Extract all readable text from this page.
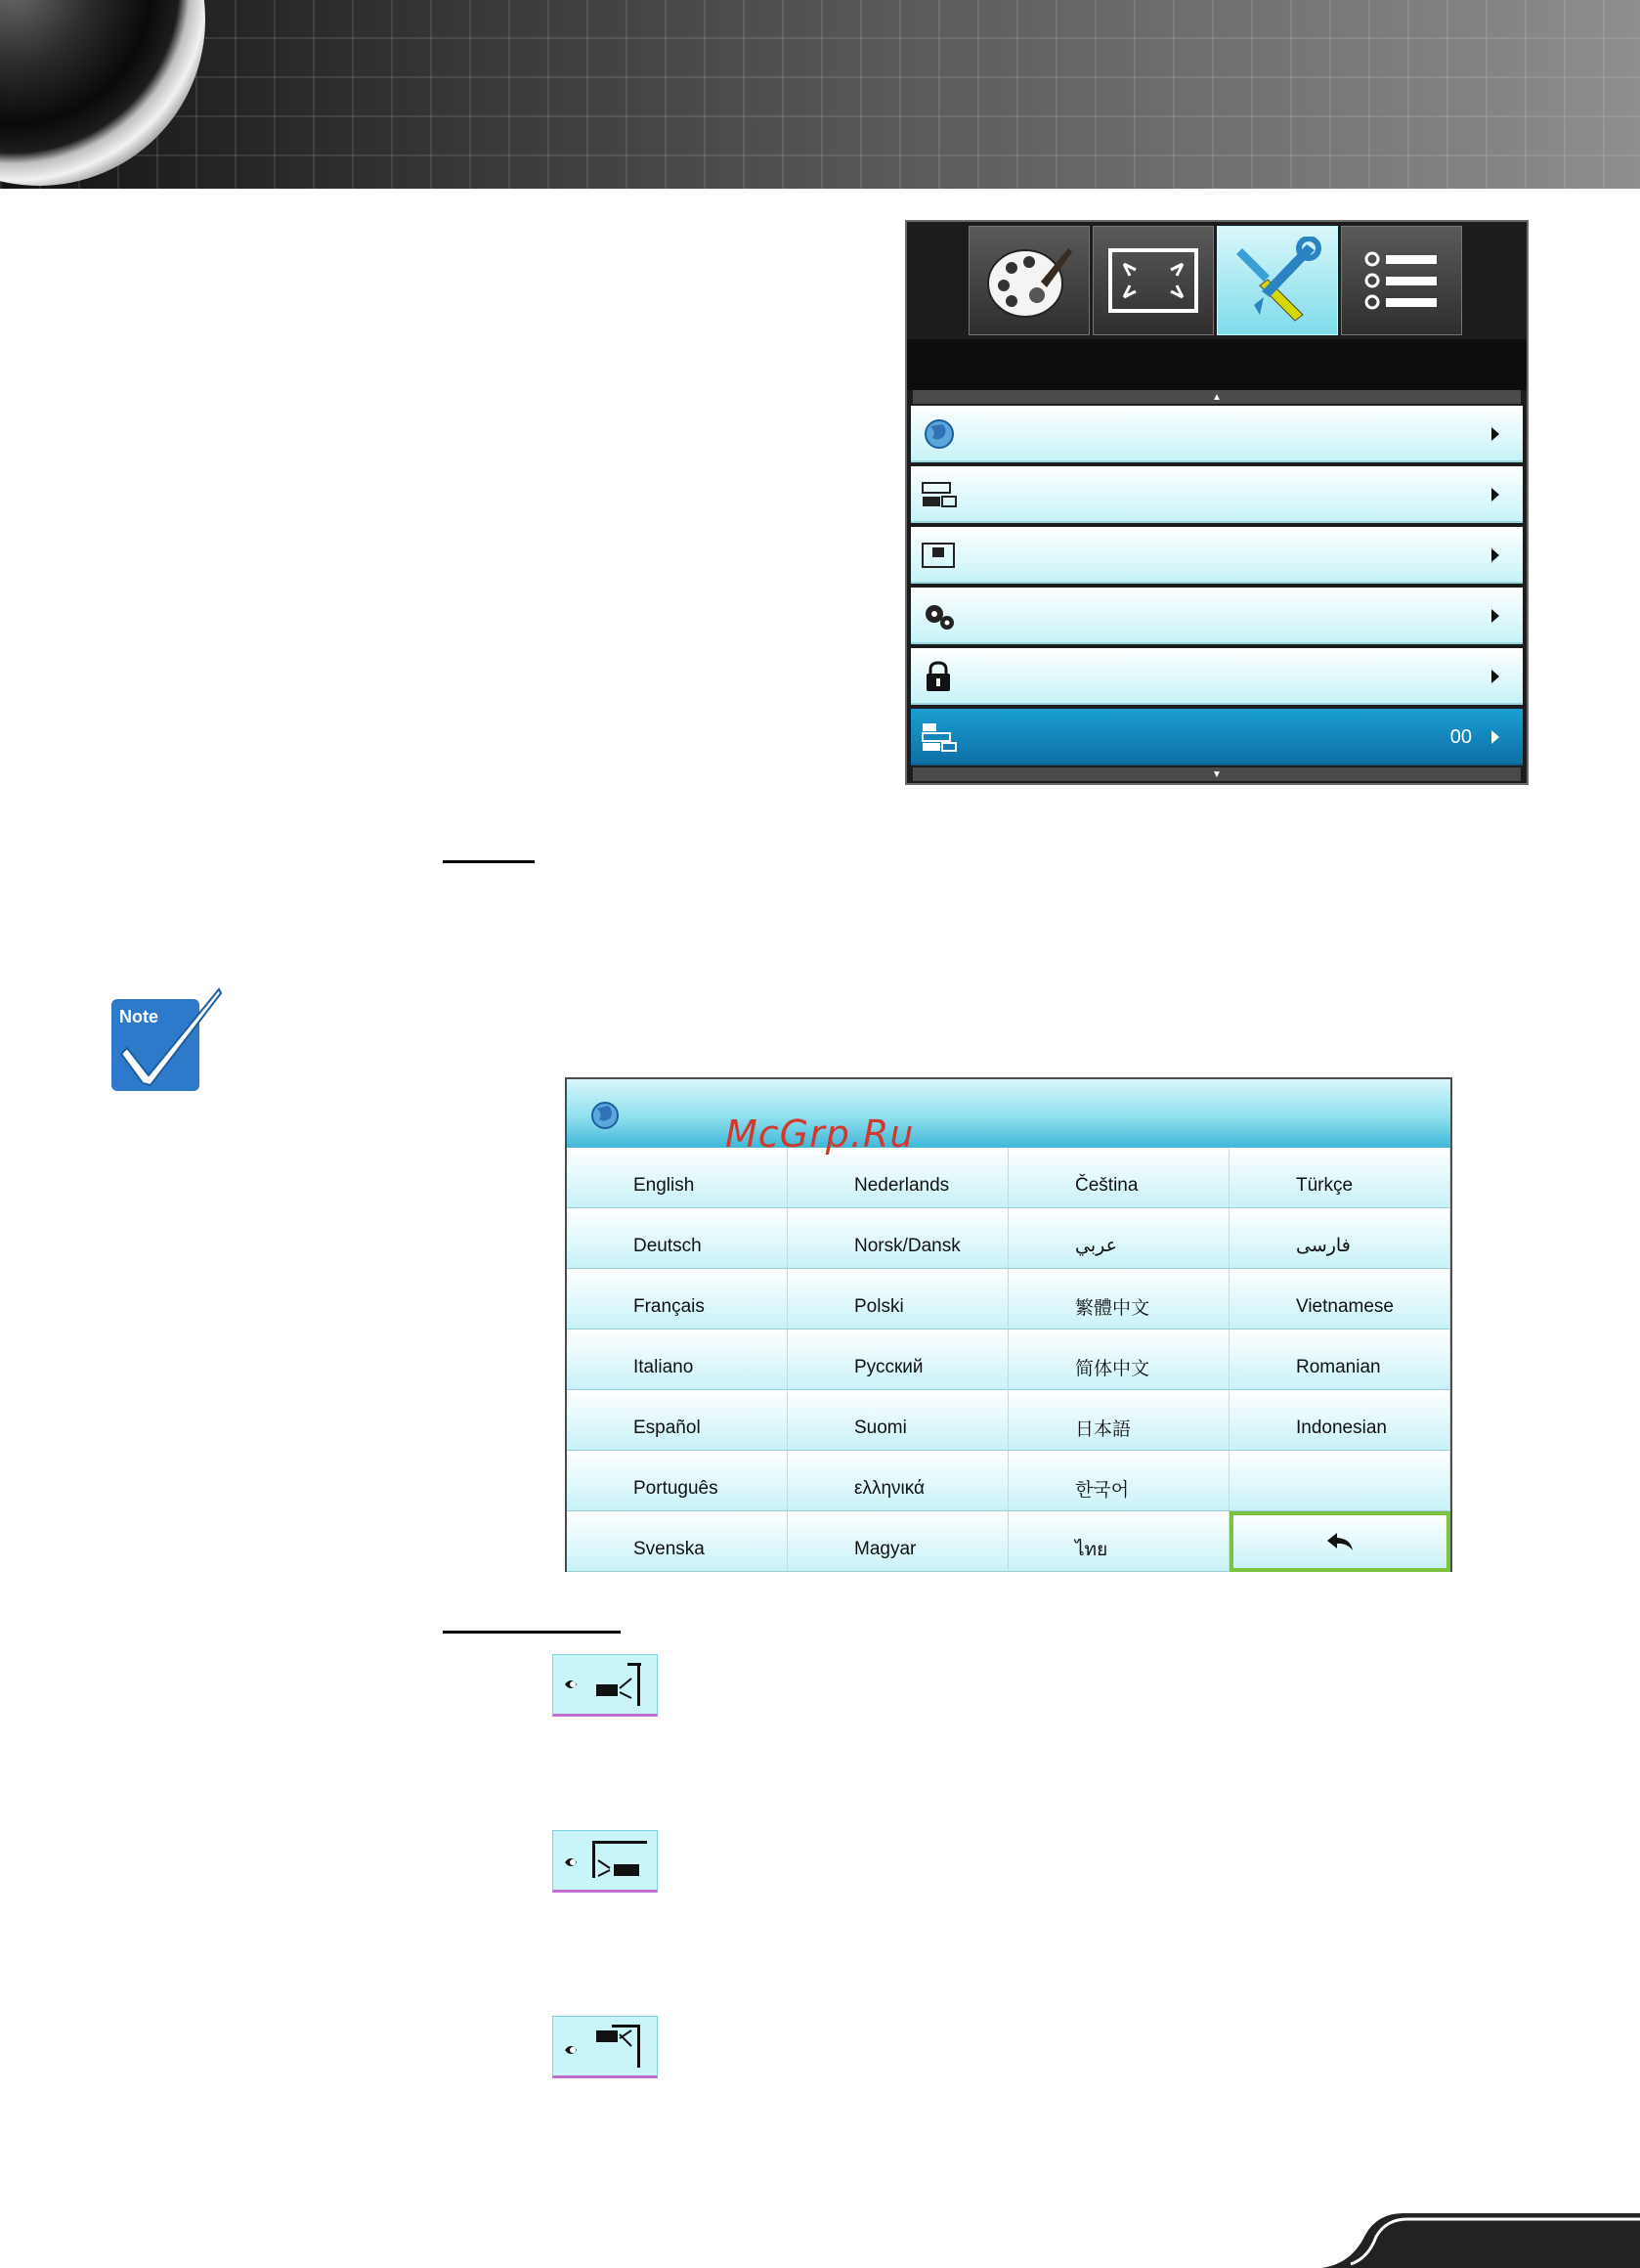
▲
00
▼
Note
English	Nederlands	Čeština	Türkçe
Deutsch	Norsk/Dansk	عربي	فارسی
Français	Polski	繁體中文	Vietnamese
Italiano	Русский	简体中文	Romanian
Español	Suomi	日本語	Indonesian
Português	ελληνικά	한국어
Svenska	Magyar	ไทย
McGrp.Ru
